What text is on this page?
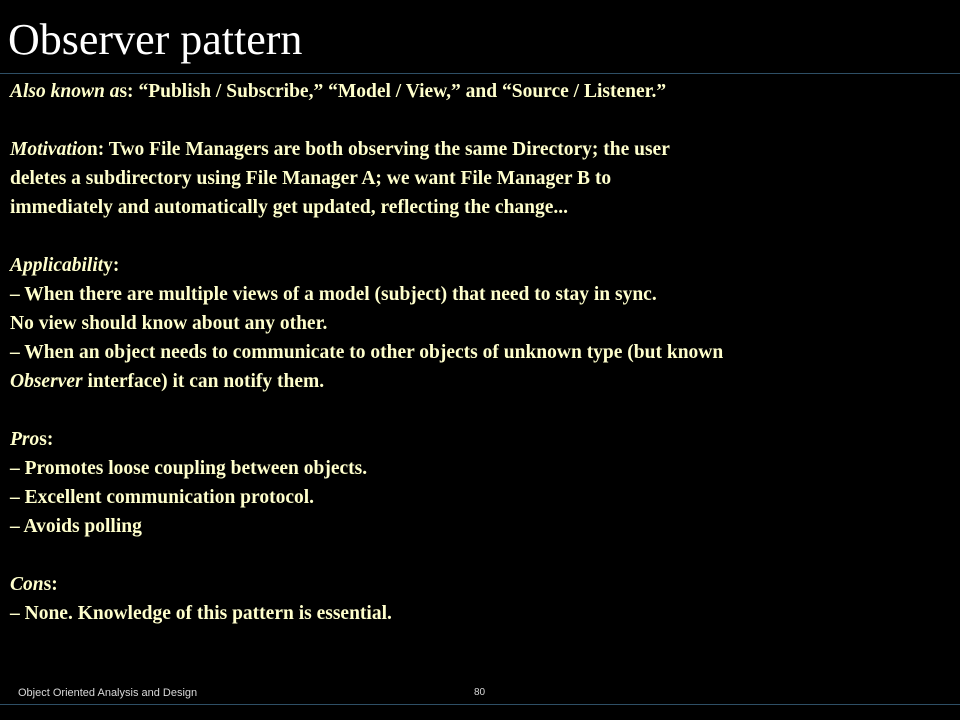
Observer pattern
Also known as: “Publish / Subscribe,” “Model / View,” and “Source / Listener.”
Motivation: Two File Managers are both observing the same Directory; the user
deletes a subdirectory using File Manager A; we want File Manager B to
immediately and automatically get updated, reflecting the change...
Applicability:
– When there are multiple views of a model (subject) that need to stay in sync.
No view should know about any other.
– When an object needs to communicate to other objects of unknown type (but known
Observer interface) it can notify them.
Pros:
– Promotes loose coupling between objects.
– Excellent communication protocol.
– Avoids polling
Cons:
– None. Knowledge of this pattern is essential.
Object Oriented Analysis and Design	80
